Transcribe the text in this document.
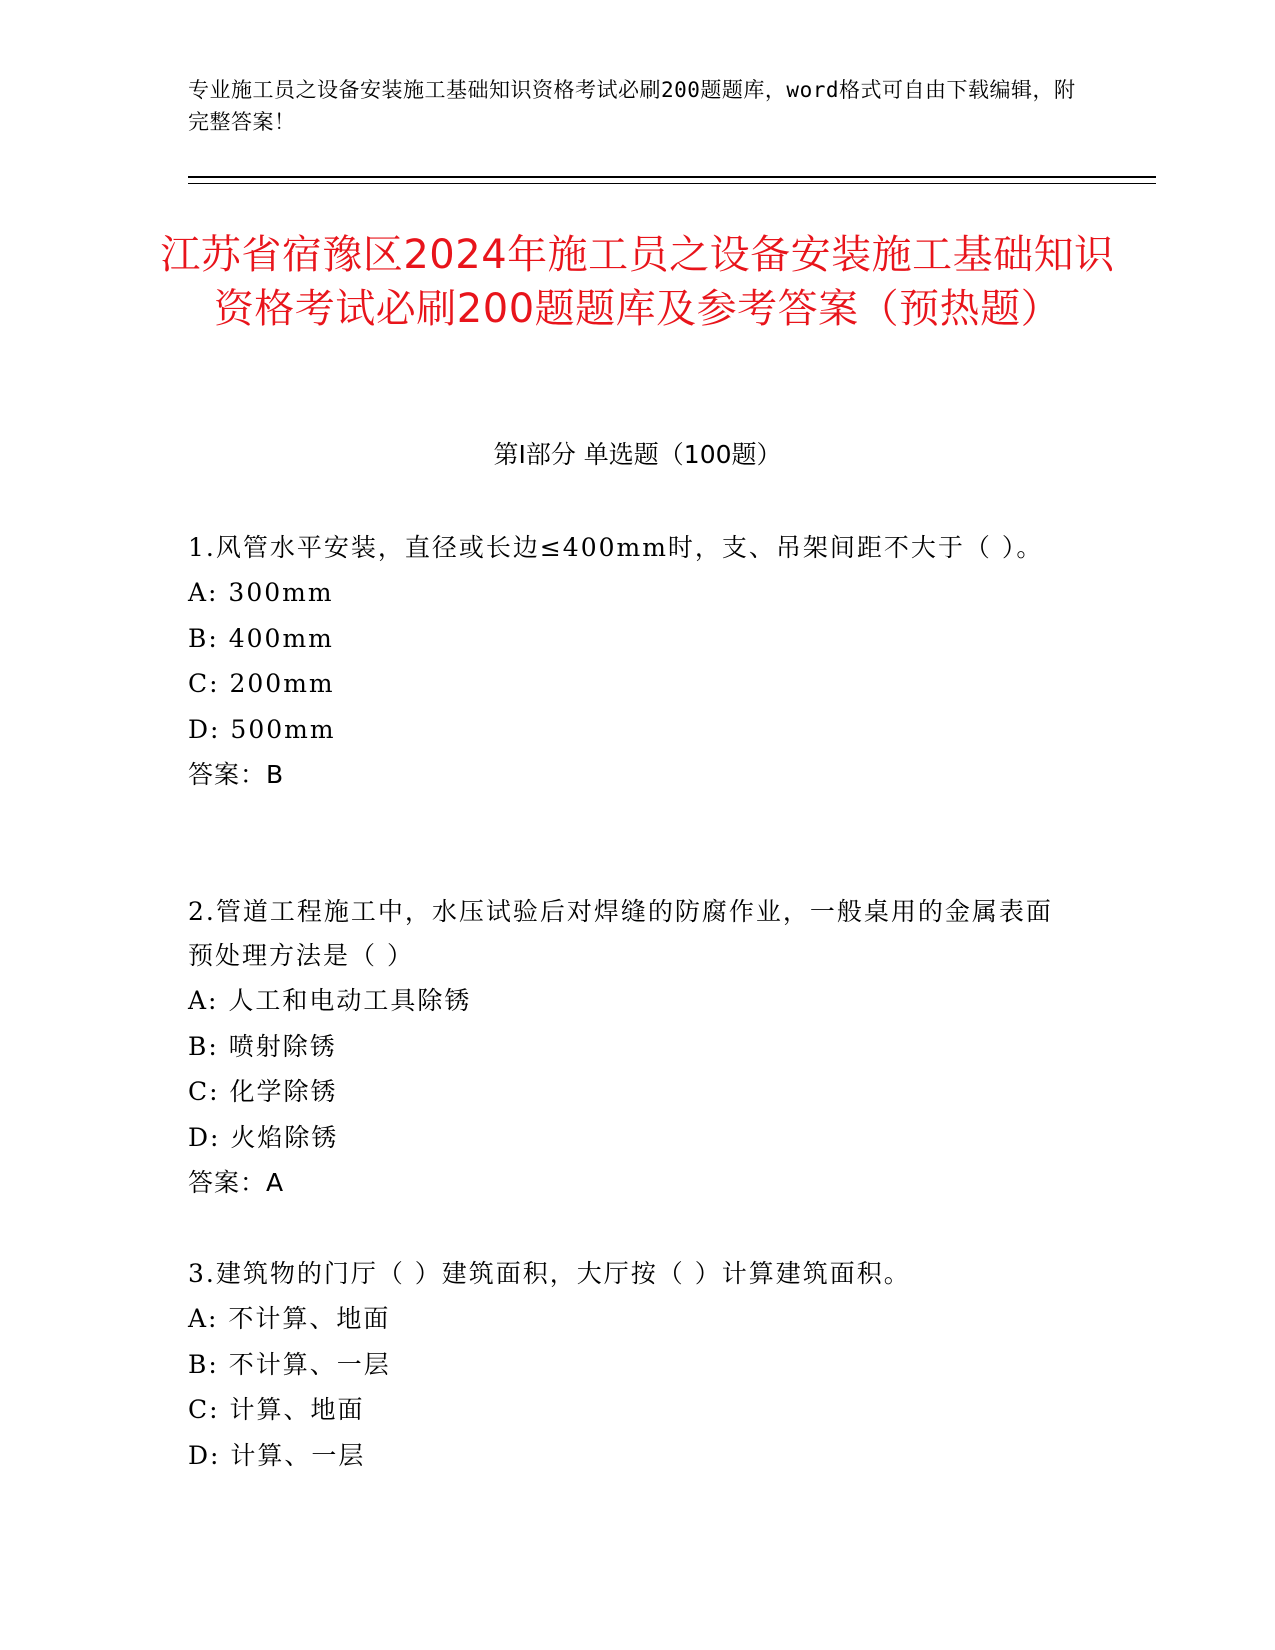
专业施工员之设备安装施工基础知识资格考试必刷200题题库，word格式可自由下载编辑，附完整答案！
江苏省宿豫区2024年施工员之设备安装施工基础知识资格考试必刷200题题库及参考答案（预热题）
第Ⅰ部分 单选题（100题）
1.风管水平安装，直径或长边≤400mm时，支、吊架间距不大于（ ）。
A: 300mm
B: 400mm
C: 200mm
D: 500mm
答案：B
2.管道工程施工中，水压试验后对焊缝的防腐作业，一般桌用的金属表面预处理方法是（ ）
A: 人工和电动工具除锈
B: 喷射除锈
C: 化学除锈
D: 火焰除锈
答案：A
3.建筑物的门厅（ ）建筑面积，大厅按（ ）计算建筑面积。
A: 不计算、地面
B: 不计算、一层
C: 计算、地面
D: 计算、一层
